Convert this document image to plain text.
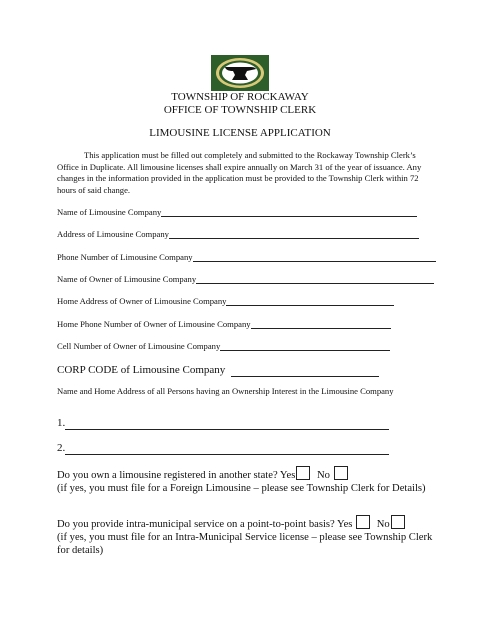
TOWNSHIP OF ROCKAWAY
OFFICE OF TOWNSHIP CLERK
LIMOUSINE LICENSE APPLICATION
This application must be filled out completely and submitted to the Rockaway Township Clerk’s Office in Duplicate. All limousine licenses shall expire annually on March 31 of the year of issuance. Any changes in the information provided in the application must be provided to the Township Clerk within 72 hours of said change.
Name of Limousine Company
Address of Limousine Company
Phone Number of Limousine Company
Name of Owner of Limousine Company
Home Address of Owner of Limousine Company
Home Phone Number of Owner of Limousine Company
Cell Number of Owner of Limousine Company
CORP CODE of Limousine Company
Name and Home Address of all Persons having an Ownership Interest in the Limousine Company
1.
2.
Do you own a limousine registered in another state? Yes No
(if yes, you must file for a Foreign Limousine – please see Township Clerk for Details)
Do you provide intra-municipal service on a point-to-point basis? Yes No
(if yes, you must file for an Intra-Municipal Service license – please see Township Clerk for details)
